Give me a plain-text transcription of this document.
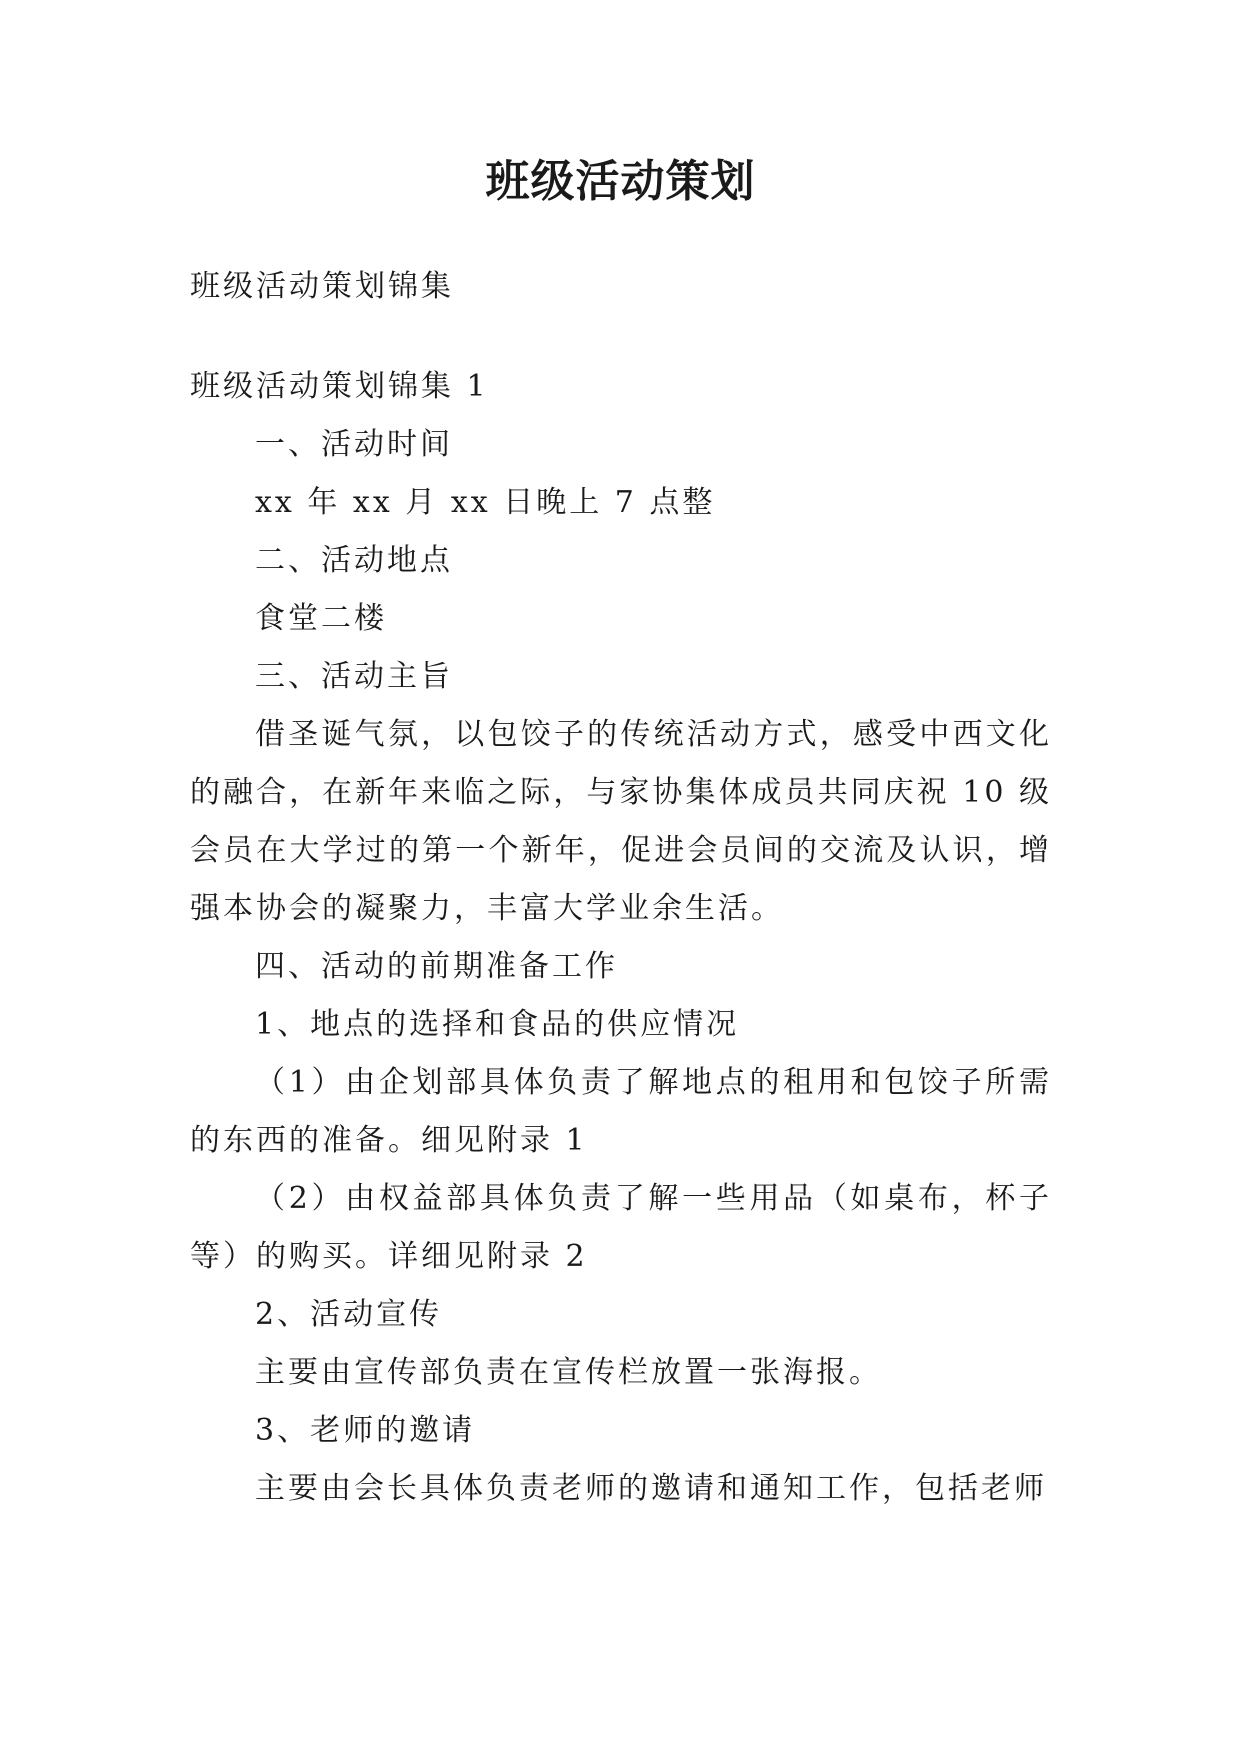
班级活动策划

班级活动策划锦集

班级活动策划锦集 1

一、活动时间

xx 年 xx 月 xx 日晚上 7 点整

二、活动地点

食堂二楼

三、活动主旨

借圣诞气氛，以包饺子的传统活动方式，感受中西文化的融合，在新年来临之际，与家协集体成员共同庆祝 10 级会员在大学过的第一个新年，促进会员间的交流及认识，增强本协会的凝聚力，丰富大学业余生活。

四、活动的前期准备工作

1、地点的选择和食品的供应情况

（1）由企划部具体负责了解地点的租用和包饺子所需的东西的准备。细见附录 1

（2）由权益部具体负责了解一些用品（如桌布，杯子等）的购买。详细见附录 2

2、活动宣传

主要由宣传部负责在宣传栏放置一张海报。

3、老师的邀请

主要由会长具体负责老师的邀请和通知工作，包括老师
